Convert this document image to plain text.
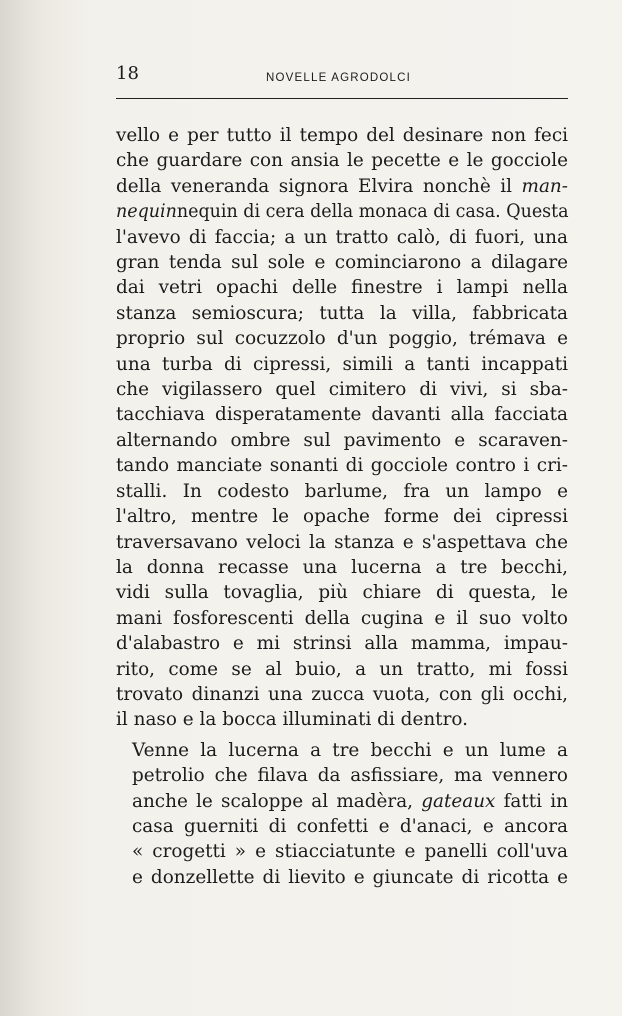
18	NOVELLE AGRODOLCI

vello e per tutto il tempo del desinare non feci
che guardare con ansia le pecette e le gocciole
della veneranda signora Elvira nonchè il man-
nequinnequin di cera della monaca di casa. Questa
l'avevo di faccia; a un tratto calò, di fuori, una
gran tenda sul sole e cominciarono a dilagare
dai vetri opachi delle finestre i lampi nella
stanza semioscura; tutta la villa, fabbricata
proprio sul cocuzzolo d'un poggio, trémava e
una turba di cipressi, simili a tanti incappati
che vigilassero quel cimitero di vivi, si sba-
tacchiava disperatamente davanti alla facciata
alternando ombre sul pavimento e scaraven-
tando manciate sonanti di gocciole contro i cri-
stalli. In codesto barlume, fra un lampo e
l'altro, mentre le opache forme dei cipressi
traversavano veloci la stanza e s'aspettava che
la donna recasse una lucerna a tre becchi,
vidi sulla tovaglia, più chiare di questa, le
mani fosforescenti della cugina e il suo volto
d'alabastro e mi strinsi alla mamma, impau-
rito, come se al buio, a un tratto, mi fossi
trovato dinanzi una zucca vuota, con gli occhi,
il naso e la bocca illuminati di dentro.

Venne la lucerna a tre becchi e un lume a
petrolio che filava da asfissiare, ma vennero
anche le scaloppe al madèra, gateaux fatti in
casa guerniti di confetti e d'anaci, e ancora
« crogetti » e stiacciatunte e panelli coll'uva
e donzellette di lievito e giuncate di ricotta e
